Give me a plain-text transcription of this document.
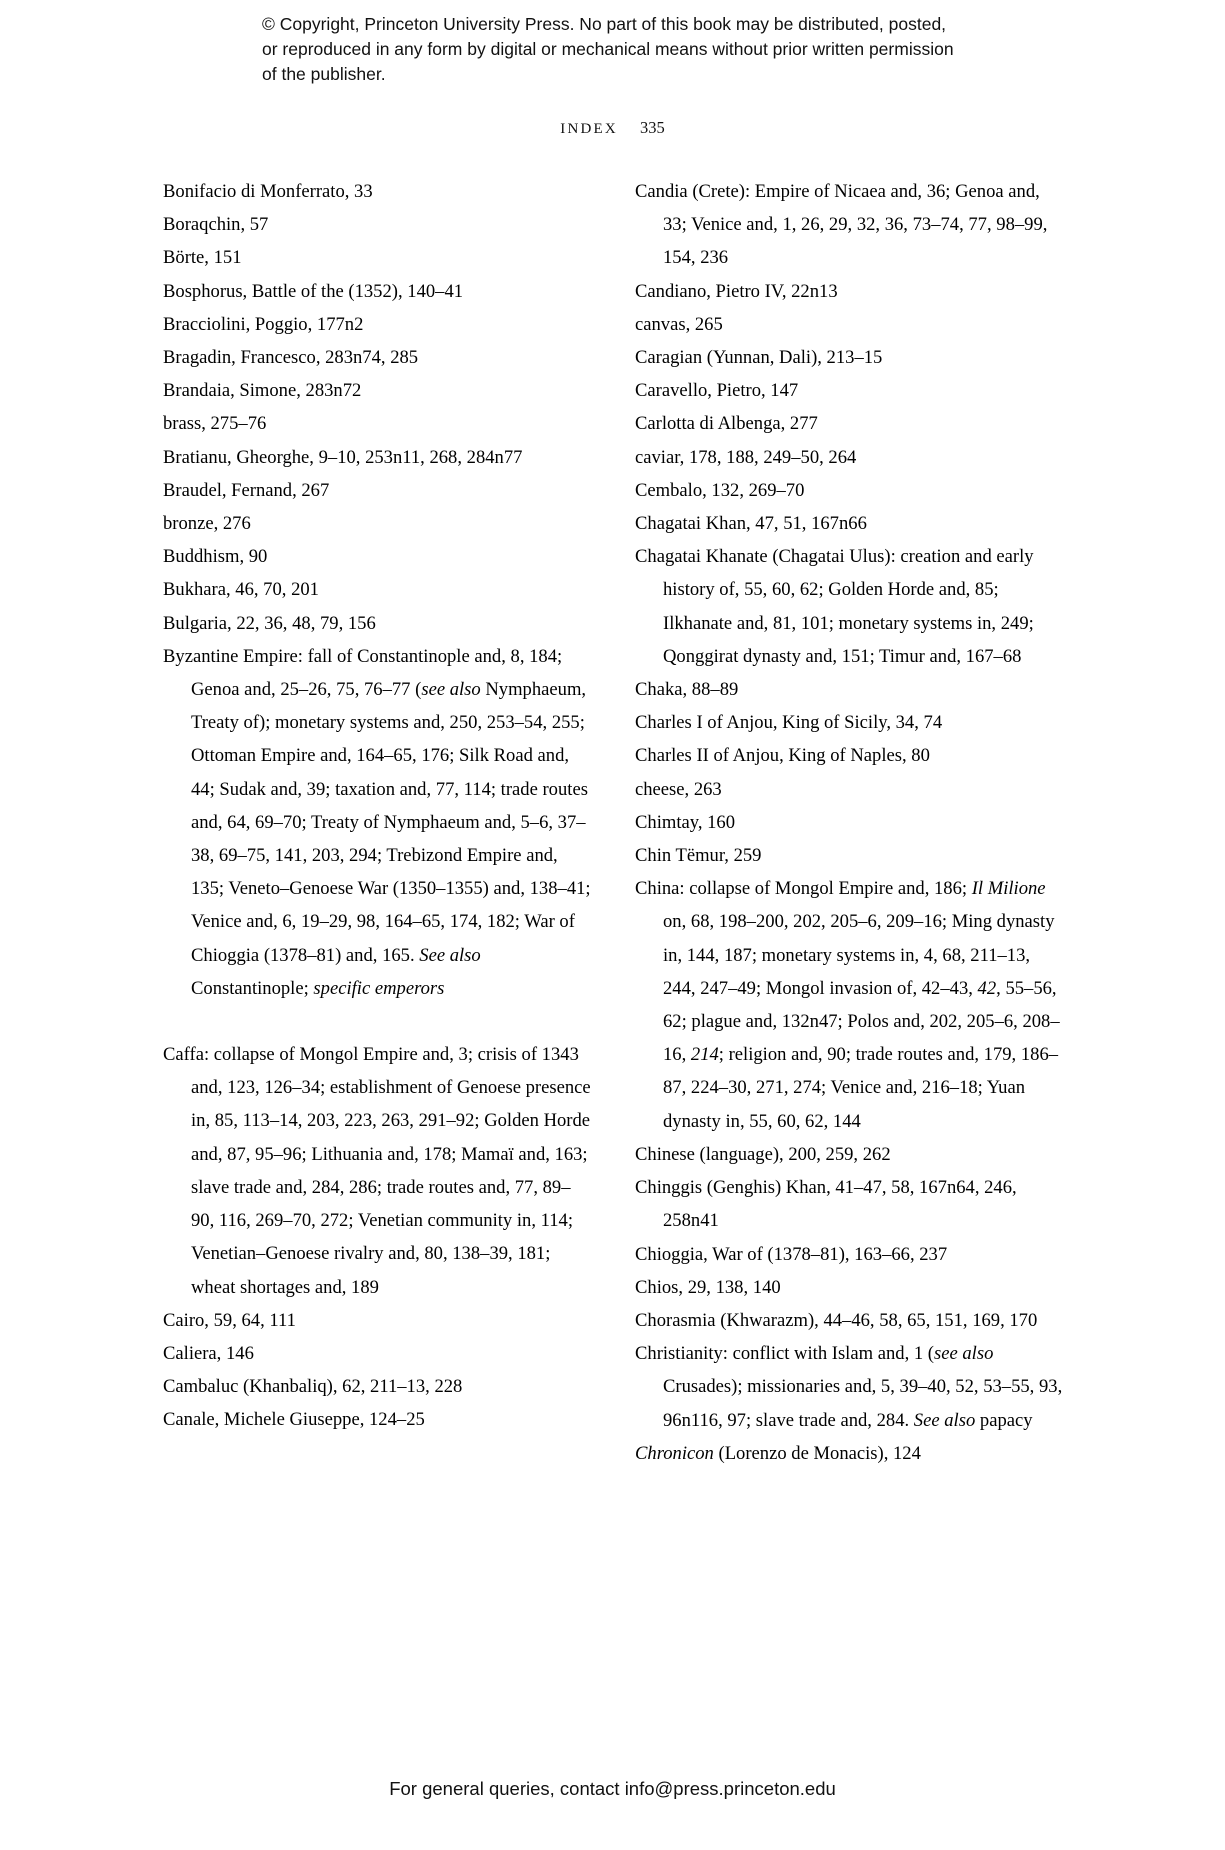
© Copyright, Princeton University Press. No part of this book may be distributed, posted, or reproduced in any form by digital or mechanical means without prior written permission of the publisher.
INDEX 335
Bonifacio di Monferrato, 33
Boraqchin, 57
Börte, 151
Bosphorus, Battle of the (1352), 140–41
Bracciolini, Poggio, 177n2
Bragadin, Francesco, 283n74, 285
Brandaia, Simone, 283n72
brass, 275–76
Bratianu, Gheorghe, 9–10, 253n11, 268, 284n77
Braudel, Fernand, 267
bronze, 276
Buddhism, 90
Bukhara, 46, 70, 201
Bulgaria, 22, 36, 48, 79, 156
Byzantine Empire: fall of Constantinople and, 8, 184; Genoa and, 25–26, 75, 76–77 (see also Nymphaeum, Treaty of); monetary systems and, 250, 253–54, 255; Ottoman Empire and, 164–65, 176; Silk Road and, 44; Sudak and, 39; taxation and, 77, 114; trade routes and, 64, 69–70; Treaty of Nymphaeum and, 5–6, 37–38, 69–75, 141, 203, 294; Trebizond Empire and, 135; Veneto–Genoese War (1350–1355) and, 138–41; Venice and, 6, 19–29, 98, 164–65, 174, 182; War of Chioggia (1378–81) and, 165. See also Constantinople; specific emperors
Caffa: collapse of Mongol Empire and, 3; crisis of 1343 and, 123, 126–34; establishment of Genoese presence in, 85, 113–14, 203, 223, 263, 291–92; Golden Horde and, 87, 95–96; Lithuania and, 178; Mamaï and, 163; slave trade and, 284, 286; trade routes and, 77, 89–90, 116, 269–70, 272; Venetian community in, 114; Venetian–Genoese rivalry and, 80, 138–39, 181; wheat shortages and, 189
Cairo, 59, 64, 111
Caliera, 146
Cambaluc (Khanbaliq), 62, 211–13, 228
Canale, Michele Giuseppe, 124–25
Candia (Crete): Empire of Nicaea and, 36; Genoa and, 33; Venice and, 1, 26, 29, 32, 36, 73–74, 77, 98–99, 154, 236
Candiano, Pietro IV, 22n13
canvas, 265
Caragian (Yunnan, Dali), 213–15
Caravello, Pietro, 147
Carlotta di Albenga, 277
caviar, 178, 188, 249–50, 264
Cembalo, 132, 269–70
Chagatai Khan, 47, 51, 167n66
Chagatai Khanate (Chagatai Ulus): creation and early history of, 55, 60, 62; Golden Horde and, 85; Ilkhanate and, 81, 101; monetary systems in, 249; Qonggirat dynasty and, 151; Timur and, 167–68
Chaka, 88–89
Charles I of Anjou, King of Sicily, 34, 74
Charles II of Anjou, King of Naples, 80
cheese, 263
Chimtay, 160
Chin Tëmur, 259
China: collapse of Mongol Empire and, 186; Il Milione on, 68, 198–200, 202, 205–6, 209–16; Ming dynasty in, 144, 187; monetary systems in, 4, 68, 211–13, 244, 247–49; Mongol invasion of, 42–43, 42, 55–56, 62; plague and, 132n47; Polos and, 202, 205–6, 208–16, 214; religion and, 90; trade routes and, 179, 186–87, 224–30, 271, 274; Venice and, 216–18; Yuan dynasty in, 55, 60, 62, 144
Chinese (language), 200, 259, 262
Chinggis (Genghis) Khan, 41–47, 58, 167n64, 246, 258n41
Chioggia, War of (1378–81), 163–66, 237
Chios, 29, 138, 140
Chorasmia (Khwarazm), 44–46, 58, 65, 151, 169, 170
Christianity: conflict with Islam and, 1 (see also Crusades); missionaries and, 5, 39–40, 52, 53–55, 93, 96n116, 97; slave trade and, 284. See also papacy
Chronicon (Lorenzo de Monacis), 124
For general queries, contact info@press.princeton.edu
